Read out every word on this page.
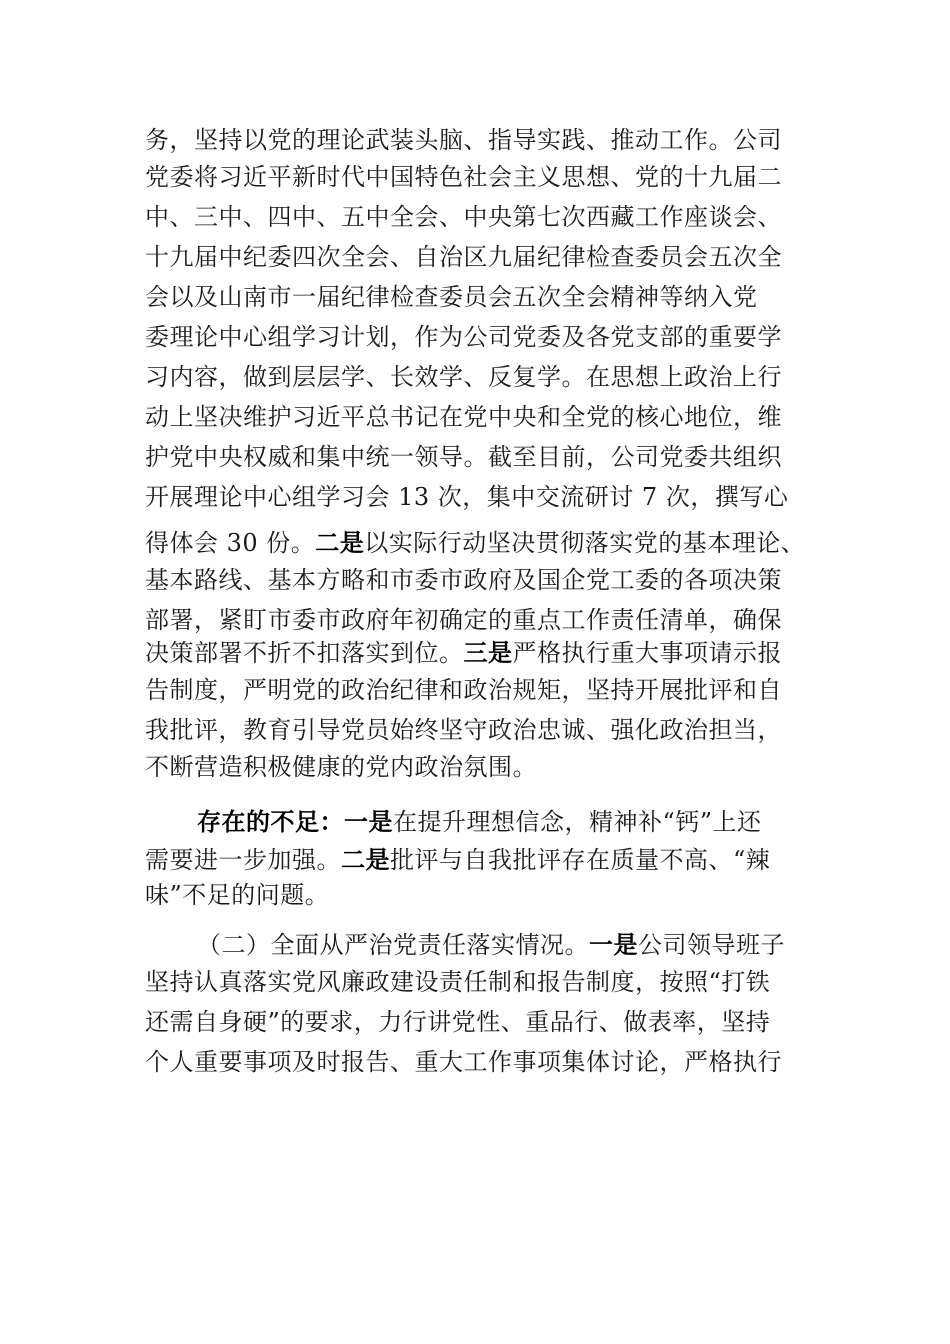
务，坚持以党的理论武装头脑、指导实践、推动工作。公司
党委将习近平新时代中国特色社会主义思想、党的十九届二
中、三中、四中、五中全会、中央第七次西藏工作座谈会、
十九届中纪委四次全会、自治区九届纪律检查委员会五次全
会以及山南市一届纪律检查委员会五次全会精神等纳入党
委理论中心组学习计划，作为公司党委及各党支部的重要学
习内容，做到层层学、长效学、反复学。在思想上政治上行
动上坚决维护习近平总书记在党中央和全党的核心地位，维
护党中央权威和集中统一领导。截至目前，公司党委共组织
开展理论中心组学习会 13 次，集中交流研讨 7 次，撰写心
得体会 30 份。二是以实际行动坚决贯彻落实党的基本理论、
基本路线、基本方略和市委市政府及国企党工委的各项决策
部署，紧盯市委市政府年初确定的重点工作责任清单，确保
决策部署不折不扣落实到位。三是严格执行重大事项请示报
告制度，严明党的政治纪律和政治规矩，坚持开展批评和自
我批评，教育引导党员始终坚守政治忠诚、强化政治担当，
不断营造积极健康的党内政治氛围。
存在的不足：一是在提升理想信念，精神补“钙”上还
需要进一步加强。二是批评与自我批评存在质量不高、“辣
味”不足的问题。
（二）全面从严治党责任落实情况。一是公司领导班子
坚持认真落实党风廉政建设责任制和报告制度，按照“打铁
还需自身硬”的要求，力行讲党性、重品行、做表率，坚持
个人重要事项及时报告、重大工作事项集体讨论，严格执行
